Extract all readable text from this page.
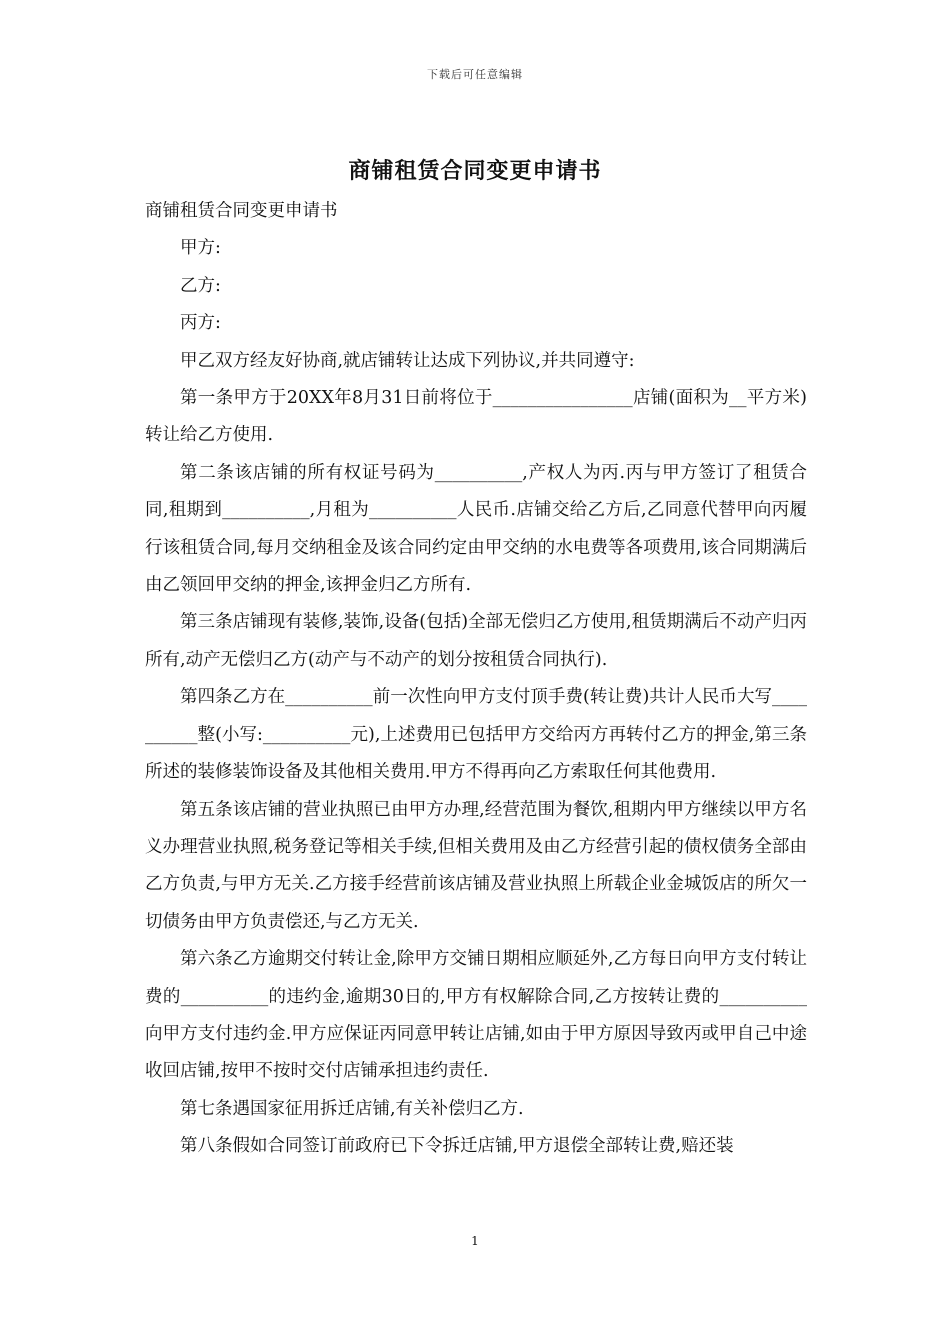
下载后可任意编辑
商铺租赁合同变更申请书

商铺租赁合同变更申请书

甲方:

乙方:

丙方:

甲乙双方经友好协商,就店铺转让达成下列协议,并共同遵守:

第一条甲方于20XX年8月31日前将位于________________店铺(面积为__平方米)转让给乙方使用.

第二条该店铺的所有权证号码为__________,产权人为丙.丙与甲方签订了租赁合同,租期到__________,月租为__________人民币.店铺交给乙方后,乙同意代替甲向丙履行该租赁合同,每月交纳租金及该合同约定由甲交纳的水电费等各项费用,该合同期满后由乙领回甲交纳的押金,该押金归乙方所有.

第三条店铺现有装修,装饰,设备(包括)全部无偿归乙方使用,租赁期满后不动产归丙所有,动产无偿归乙方(动产与不动产的划分按租赁合同执行).

第四条乙方在__________前一次性向甲方支付顶手费(转让费)共计人民币大写__________整(小写:__________元),上述费用已包括甲方交给丙方再转付乙方的押金,第三条所述的装修装饰设备及其他相关费用.甲方不得再向乙方索取任何其他费用.

第五条该店铺的营业执照已由甲方办理,经营范围为餐饮,租期内甲方继续以甲方名义办理营业执照,税务登记等相关手续,但相关费用及由乙方经营引起的债权债务全部由乙方负责,与甲方无关.乙方接手经营前该店铺及营业执照上所载企业金城饭店的所欠一切债务由甲方负责偿还,与乙方无关.

第六条乙方逾期交付转让金,除甲方交铺日期相应顺延外,乙方每日向甲方支付转让费的__________的违约金,逾期30日的,甲方有权解除合同,乙方按转让费的__________向甲方支付违约金.甲方应保证丙同意甲转让店铺,如由于甲方原因导致丙或甲自己中途收回店铺,按甲不按时交付店铺承担违约责任.

第七条遇国家征用拆迁店铺,有关补偿归乙方.

第八条假如合同签订前政府已下令拆迁店铺,甲方退偿全部转让费,赔还装

1
